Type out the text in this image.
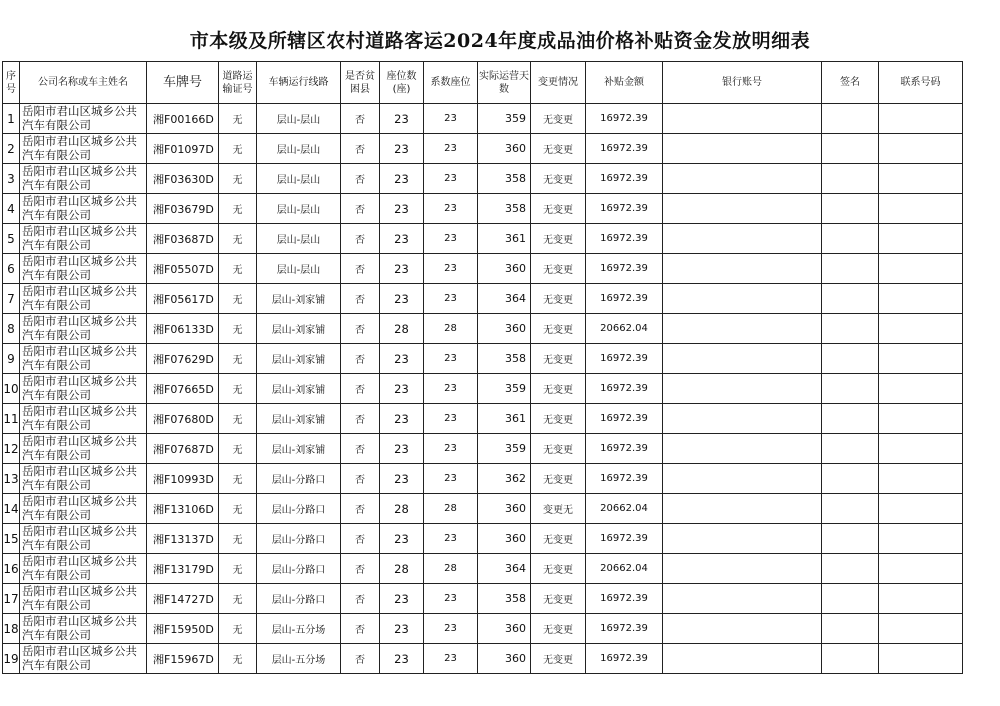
市本级及所辖区农村道路客运2024年度成品油价格补贴资金发放明细表
序号	公司名称或车主姓名	车牌号	道路运输证号	车辆运行线路	是否贫困县	座位数(座)	系数座位	实际运营天数	变更情况	补贴金额	银行账号	签名	联系号码
1	岳阳市君山区城乡公共汽车有限公司	湘F00166D	无	层山-层山	否	23	23	359	无变更	16972.39			
2	岳阳市君山区城乡公共汽车有限公司	湘F01097D	无	层山-层山	否	23	23	360	无变更	16972.39			
3	岳阳市君山区城乡公共汽车有限公司	湘F03630D	无	层山-层山	否	23	23	358	无变更	16972.39			
4	岳阳市君山区城乡公共汽车有限公司	湘F03679D	无	层山-层山	否	23	23	358	无变更	16972.39			
5	岳阳市君山区城乡公共汽车有限公司	湘F03687D	无	层山-层山	否	23	23	361	无变更	16972.39			
6	岳阳市君山区城乡公共汽车有限公司	湘F05507D	无	层山-层山	否	23	23	360	无变更	16972.39			
7	岳阳市君山区城乡公共汽车有限公司	湘F05617D	无	层山-刘家铺	否	23	23	364	无变更	16972.39			
8	岳阳市君山区城乡公共汽车有限公司	湘F06133D	无	层山-刘家铺	否	28	28	360	无变更	20662.04			
9	岳阳市君山区城乡公共汽车有限公司	湘F07629D	无	层山-刘家铺	否	23	23	358	无变更	16972.39			
10	岳阳市君山区城乡公共汽车有限公司	湘F07665D	无	层山-刘家铺	否	23	23	359	无变更	16972.39			
11	岳阳市君山区城乡公共汽车有限公司	湘F07680D	无	层山-刘家铺	否	23	23	361	无变更	16972.39			
12	岳阳市君山区城乡公共汽车有限公司	湘F07687D	无	层山-刘家铺	否	23	23	359	无变更	16972.39			
13	岳阳市君山区城乡公共汽车有限公司	湘F10993D	无	层山-分路口	否	23	23	362	无变更	16972.39			
14	岳阳市君山区城乡公共汽车有限公司	湘F13106D	无	层山-分路口	否	28	28	360	变更无	20662.04			
15	岳阳市君山区城乡公共汽车有限公司	湘F13137D	无	层山-分路口	否	23	23	360	无变更	16972.39			
16	岳阳市君山区城乡公共汽车有限公司	湘F13179D	无	层山-分路口	否	28	28	364	无变更	20662.04			
17	岳阳市君山区城乡公共汽车有限公司	湘F14727D	无	层山-分路口	否	23	23	358	无变更	16972.39			
18	岳阳市君山区城乡公共汽车有限公司	湘F15950D	无	层山-五分场	否	23	23	360	无变更	16972.39			
19	岳阳市君山区城乡公共汽车有限公司	湘F15967D	无	层山-五分场	否	23	23	360	无变更	16972.39			
